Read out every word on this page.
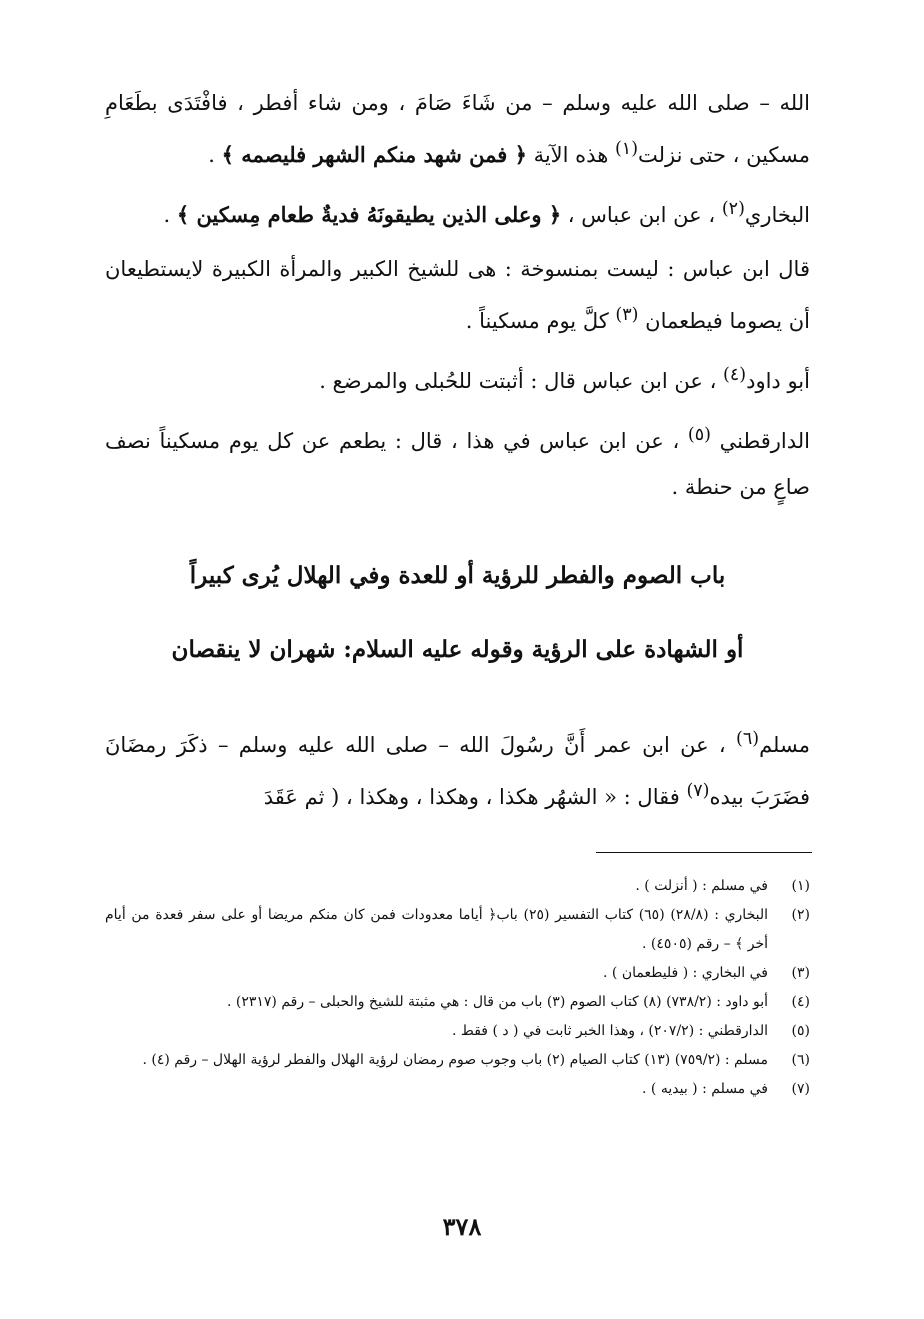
الله – صلى الله عليه وسلم – من شَاءَ صَامَ ، ومن شاء أفطر ، فافْتَدَى بطَعَامِ مسكين ، حتى نزلت$^{(١)}$ هذه الآية ﴿ فمن شهد منكم الشهر فليصمه ﴾ .

البخاري$^{(٢)}$ ، عن ابن عباس ، ﴿ وعلى الذين يطيقونَهُ فديةٌ طعام مِسكين ﴾ .

قال ابن عباس : ليست بمنسوخة : هى للشيخ الكبير والمرأة الكبيرة لايستطيعان أن يصوما فيطعمان $^{(٣)}$ كلَّ يوم مسكيناً .

أبو داود$^{(٤)}$ ، عن ابن عباس قال : أثبتت للحُبلى والمرضع .

الدارقطني $^{(٥)}$ ، عن ابن عباس في هذا ، قال : يطعم عن كل يوم مسكيناً نصف صاعٍ من حنطة .

باب الصوم والفطر للرؤية أو للعدة وفي الهلال يُرى كبيراً
أو الشهادة على الرؤية وقوله عليه السلام: شهران لا ينقصان

مسلم$^{(٦)}$ ، عن ابن عمر أَنَّ رسُولَ الله – صلى الله عليه وسلم – ذكَرَ رمضَانَ فضَرَبَ بيده$^{(٧)}$ فقال : « الشهُر هكذا ، وهكذا ، وهكذا ، ( ثم عَقَدَ

(١)
في مسلم : ( أنزلت ) .
(٢)
البخاري : (٢٨/٨) (٦٥) كتاب التفسير (٢٥) باب﴿ أياما معدودات فمن كان منكم مريضا أو على سفر فعدة من أيام أخر ﴾ – رقم (٤٥٠٥) .
(٣)
في البخاري : ( فليطعمان ) .
(٤)
أبو داود : (٧٣٨/٢) (٨) كتاب الصوم (٣) باب من قال : هي مثبتة للشيخ والحبلى – رقم (٢٣١٧) .
(٥)
الدارقطني : (٢٠٧/٢) ، وهذا الخبر ثابت في ( د ) فقط .
(٦)
مسلم : (٧٥٩/٢) (١٣) كتاب الصيام (٢) باب وجوب صوم رمضان لرؤية الهلال والفطر لرؤية الهلال – رقم (٤) .
(٧)
في مسلم : ( بيديه ) .
٣٧٨
